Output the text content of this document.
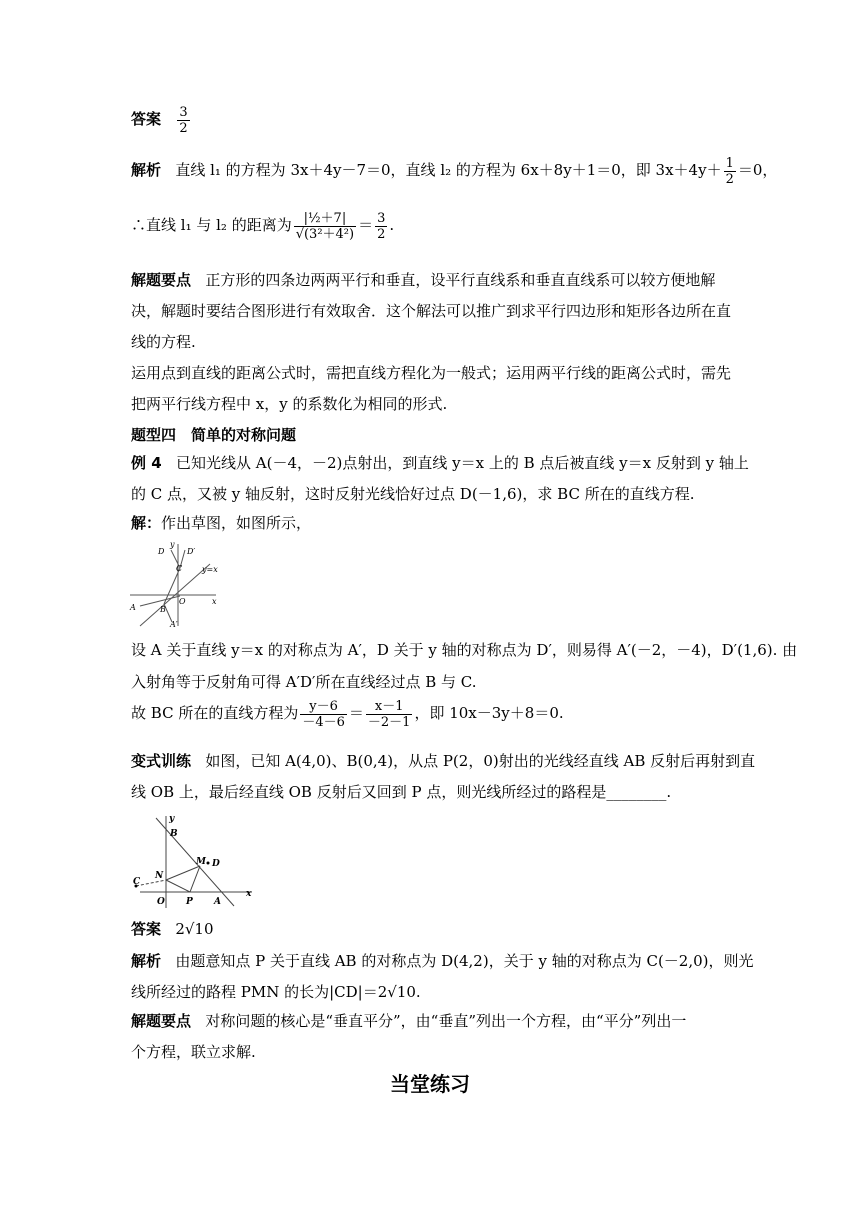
答案 $\frac{3}{2}$
解析 直线 l₁ 的方程为 3x＋4y－7＝0，直线 l₂ 的方程为 6x＋8y＋1＝0，即 $3x+4y+ \frac{1}{2} =0$，
∴直线 l₁ 与 l₂ 的距离为 $\frac{\text{|½＋7|}}{\text{√(3²＋4²)}} = \frac{3}{2}$ .
解题要点 正方形的四条边两两平行和垂直，设平行直线系和垂直直线系可以较方便地解
决，解题时要结合图形进行有效取舍．这个解法可以推广到求平行四边形和矩形各边所在直
线的方程.
运用点到直线的距离公式时，需把直线方程化为一般式；运用两平行线的距离公式时，需先
把两平行线方程中 x，y 的系数化为相同的形式.
题型四　简单的对称问题
例 4 已知光线从 A(－4，－2)点射出，到直线 y＝x 上的 B 点后被直线 y＝x 反射到 y 轴上
的 C 点，又被 y 轴反射，这时反射光线恰好过点 D(－1,6)，求 BC 所在的直线方程.
解：作出草图，如图所示，
D
y
D′
C y=x
O	x
A	B
A′
设 A 关于直线 y＝x 的对称点为 A′，D 关于 y 轴的对称点为 D′，则易得 A′(－2，－4)，D′(1,6). 由
入射角等于反射角可得 A′D′所在直线经过点 B 与 C.
故 BC 所在的直线方程为 $\frac{y-6}{-4-6} = \frac{x-1}{-2-1}$ ，即 10x－3y＋8＝0.
变式训练 如图，已知 A(4,0)、B(0,4)，从点 P(2，0)射出的光线经直线 AB 反射后再射到直
线 OB 上，最后经直线 OB 反射后又回到 P 点，则光线所经过的路程是________.
y
B
M D
N
C
O P A
x
答案 2√10
解析 由题意知点 P 关于直线 AB 的对称点为 D(4,2)，关于 y 轴的对称点为 C(－2,0)，则光
线所经过的路程 PMN 的长为|CD|＝2√10.
解题要点 对称问题的核心是“垂直平分”，由“垂直”列出一个方程，由“平分”列出一
个方程，联立求解.
当堂练习
